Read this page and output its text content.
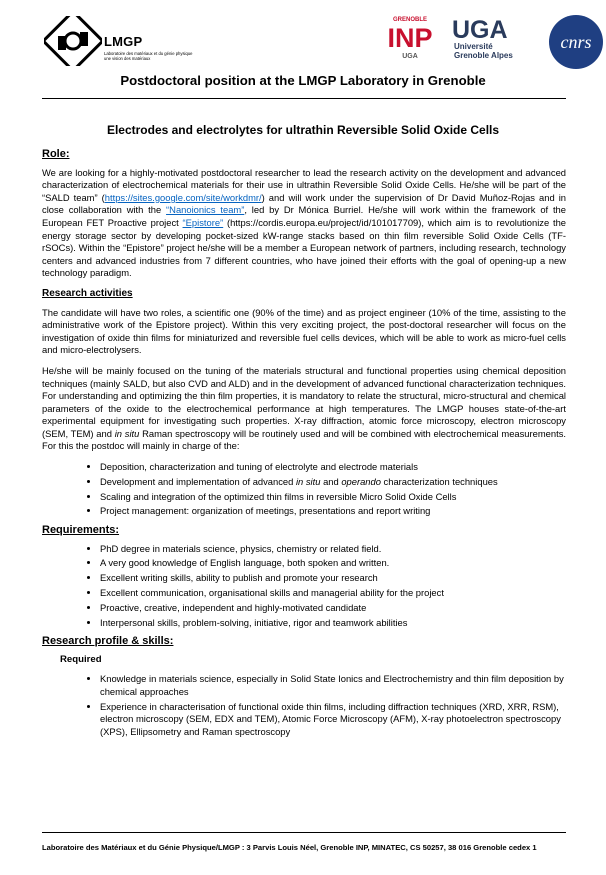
LMGP
Laboratoire des matériaux et du génie physique
une vision des matériaux
GRENOBLE
INP
UGA
UGA
Université
Grenoble Alpes
cnrs
Postdoctoral position at the LMGP Laboratory in Grenoble
Electrodes and electrolytes for ultrathin Reversible Solid Oxide Cells
Role:

We are looking for a highly-motivated postdoctoral researcher to lead the research activity on the development and advanced characterization of electrochemical materials for their use in ultrathin Reversible Solid Oxide Cells. He/she will be part of the “SALD team” (https://sites.google.com/site/workdmr/) and will work under the supervision of Dr David Muñoz-Rojas and in close collaboration with the “Nanoionics team”, led by Dr Mónica Burriel. He/she will work within the framework of the European FET Proactive project “Epistore” (https://cordis.europa.eu/project/id/101017709), which aim is to revolutionize the energy storage sector by developing pocket-sized kW-range stacks based on thin film reversible Solid Oxide Cells (TF-rSOCs). Within the “Epistore” project he/she will be a member a European network of partners, including research, technology centers and advanced industries from 7 different countries, who have joined their efforts with the goal of opening-up a new technology paradigm.

Research activities

The candidate will have two roles, a scientific one (90% of the time) and as project engineer (10% of the time, assisting to the administrative work of the Epistore project). Within this very exciting project, the post-doctoral researcher will focus on the investigation of oxide thin films for miniaturized and reversible fuel cells devices, which will be able to work as micro-fuel cells and micro-electrolysers.

He/she will be mainly focused on the tuning of the materials structural and functional properties using chemical deposition techniques (mainly SALD, but also CVD and ALD) and in the development of advanced functional characterization techniques. For understanding and optimizing the thin film properties, it is mandatory to relate the structural, micro-structural and chemical parameters of the oxide to the electrochemical performance at high temperatures. The LMGP houses state-of-the-art experimental equipment for investigating such properties. X-ray diffraction, atomic force microscopy, electron microscopy (SEM, TEM) and in situ Raman spectroscopy will be routinely used and will be combined with electrochemical measurements. For this the postdoc will mainly in charge of the:

• Deposition, characterization and tuning of electrolyte and electrode materials
• Development and implementation of advanced in situ and operando characterization techniques
• Scaling and integration of the optimized thin films in reversible Micro Solid Oxide Cells
• Project management: organization of meetings, presentations and report writing
Requirements:
• PhD degree in materials science, physics, chemistry or related field.
• A very good knowledge of English language, both spoken and written.
• Excellent writing skills, ability to publish and promote your research
• Excellent communication, organisational skills and managerial ability for the project
• Proactive, creative, independent and highly-motivated candidate
• Interpersonal skills, problem-solving, initiative, rigor and teamwork abilities
Research profile & skills:
Required
• Knowledge in materials science, especially in Solid State Ionics and Electrochemistry and thin film deposition by chemical approaches
• Experience in characterisation of functional oxide thin films, including diffraction techniques (XRD, XRR, RSM), electron microscopy (SEM, EDX and TEM), Atomic Force Microscopy (AFM), X-ray photoelectron spectroscopy (XPS), Ellipsometry and Raman spectroscopy
Laboratoire des Matériaux et du Génie Physique/LMGP : 3 Parvis Louis Néel, Grenoble INP, MINATEC, CS 50257, 38 016 Grenoble cedex 1
